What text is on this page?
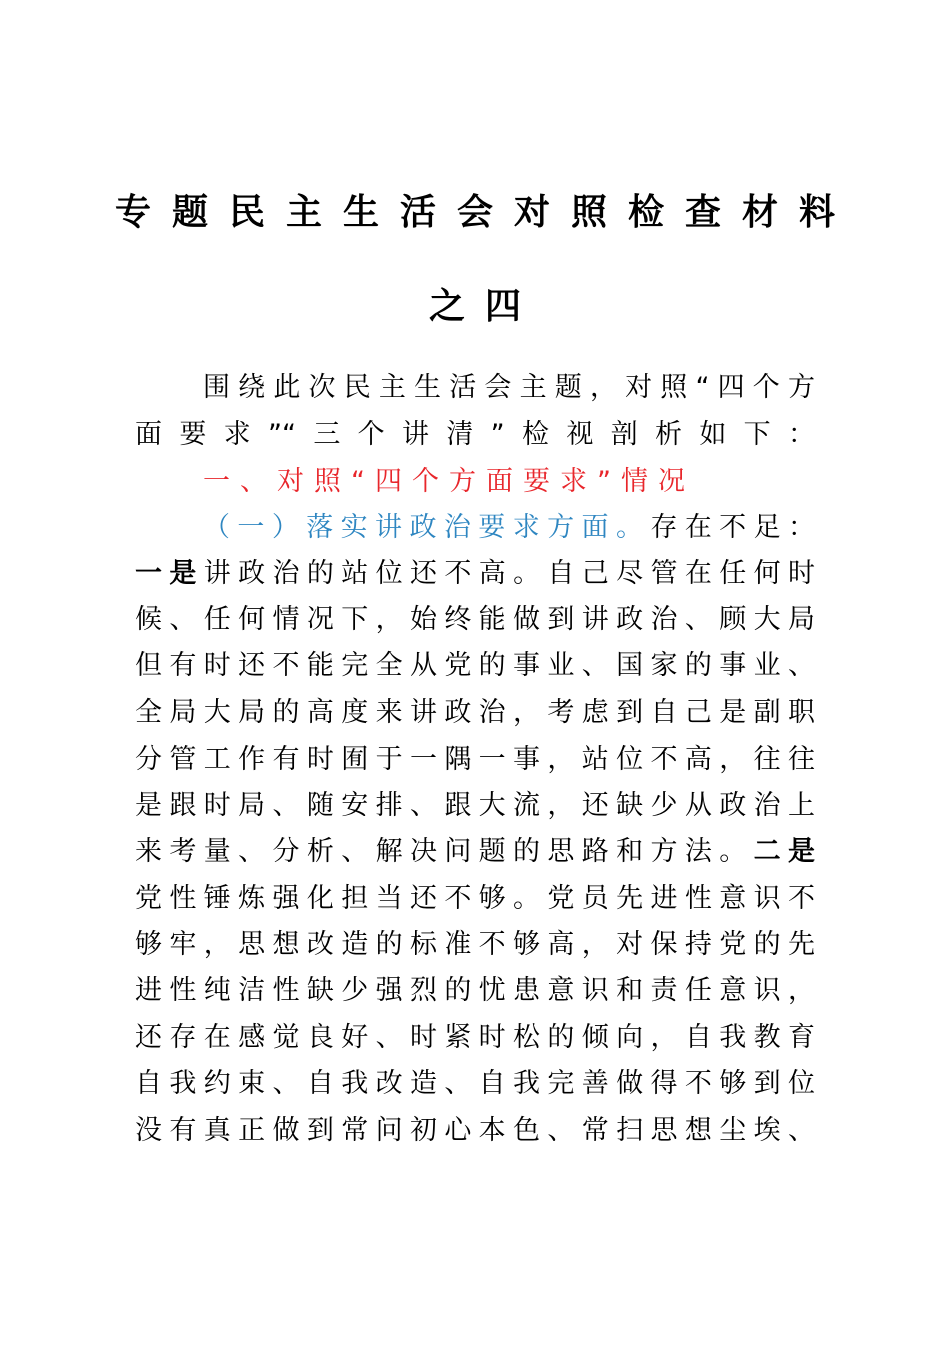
专题民主生活会对照检查材料
之四
围绕此次民主生活会主题，对照“四个方
面要求”“三个讲清”检视剖析如下：
一、对照“四个方面要求”情况
（一）落实讲政治要求方面。存在不足：
一是讲政治的站位还不高。自己尽管在任何时
候、任何情况下，始终能做到讲政治、顾大局
但有时还不能完全从党的事业、国家的事业、
全局大局的高度来讲政治，考虑到自己是副职
分管工作有时囿于一隅一事，站位不高，往往
是跟时局、随安排、跟大流，还缺少从政治上
来考量、分析、解决问题的思路和方法。二是
党性锤炼强化担当还不够。党员先进性意识不
够牢，思想改造的标准不够高，对保持党的先
进性纯洁性缺少强烈的忧患意识和责任意识，
还存在感觉良好、时紧时松的倾向，自我教育
自我约束、自我改造、自我完善做得不够到位
没有真正做到常问初心本色、常扫思想尘埃、
